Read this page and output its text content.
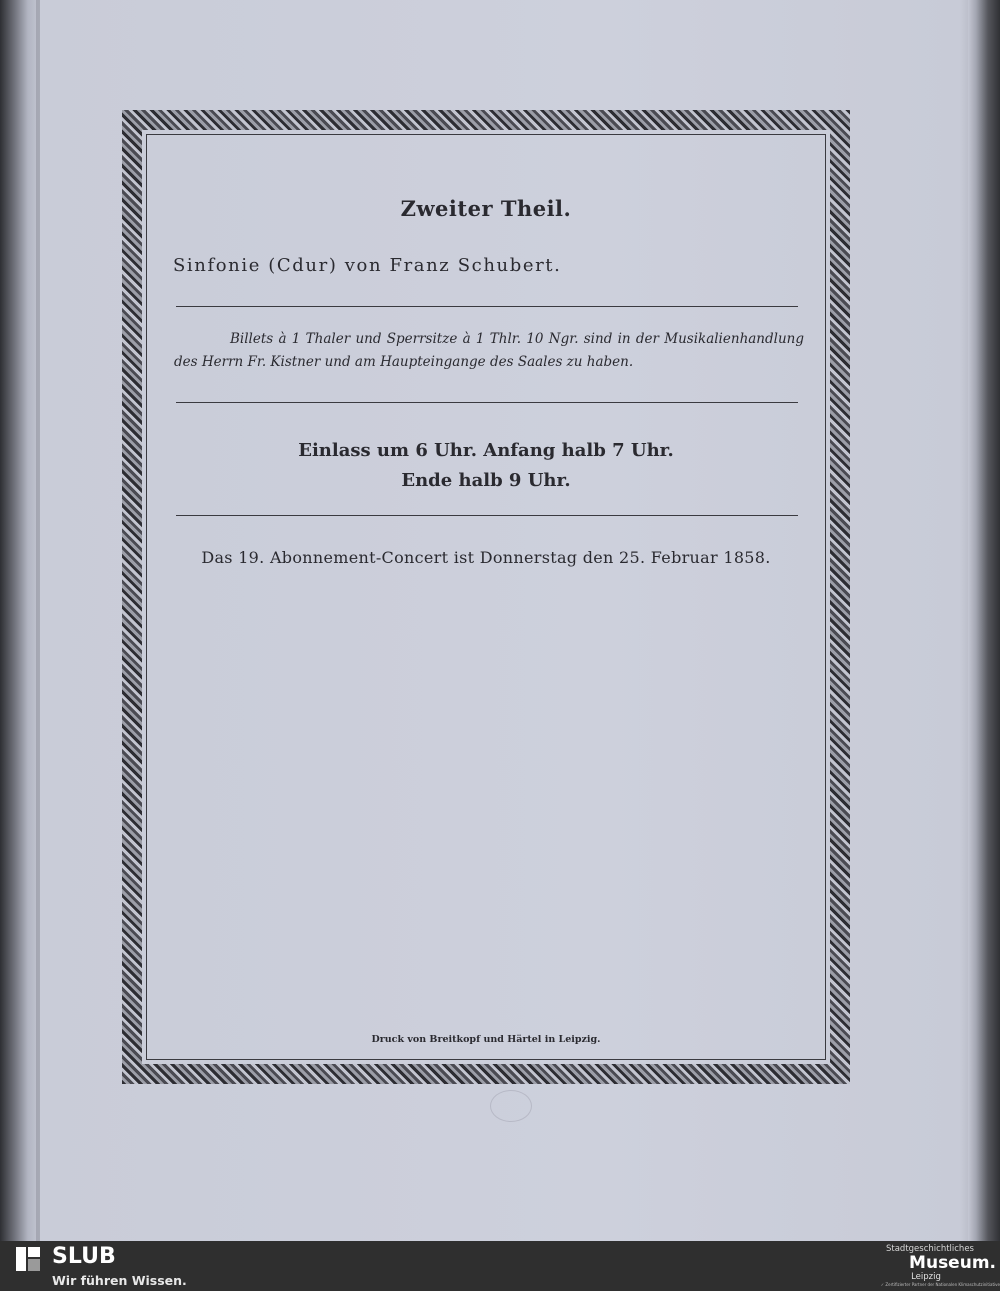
Zweiter Theil.
Sinfonie (Cdur) von Franz Schubert.
Billets à 1 Thaler und Sperrsitze à 1 Thlr. 10 Ngr. sind in der Musikalienhandlung des Herrn Fr. Kistner und am Haupteingange des Saales zu haben.
Einlass um 6 Uhr. Anfang halb 7 Uhr.
Ende halb 9 Uhr.
Das 19. Abonnement-Concert ist Donnerstag den 25. Februar 1858.
Druck von Breitkopf und Härtel in Leipzig.
SLUB
Wir führen Wissen.
Stadtgeschichtliches
Museum.
Leipzig
✓ Zertifizierter Partner der Nationalen Klimaschutzinitiative
